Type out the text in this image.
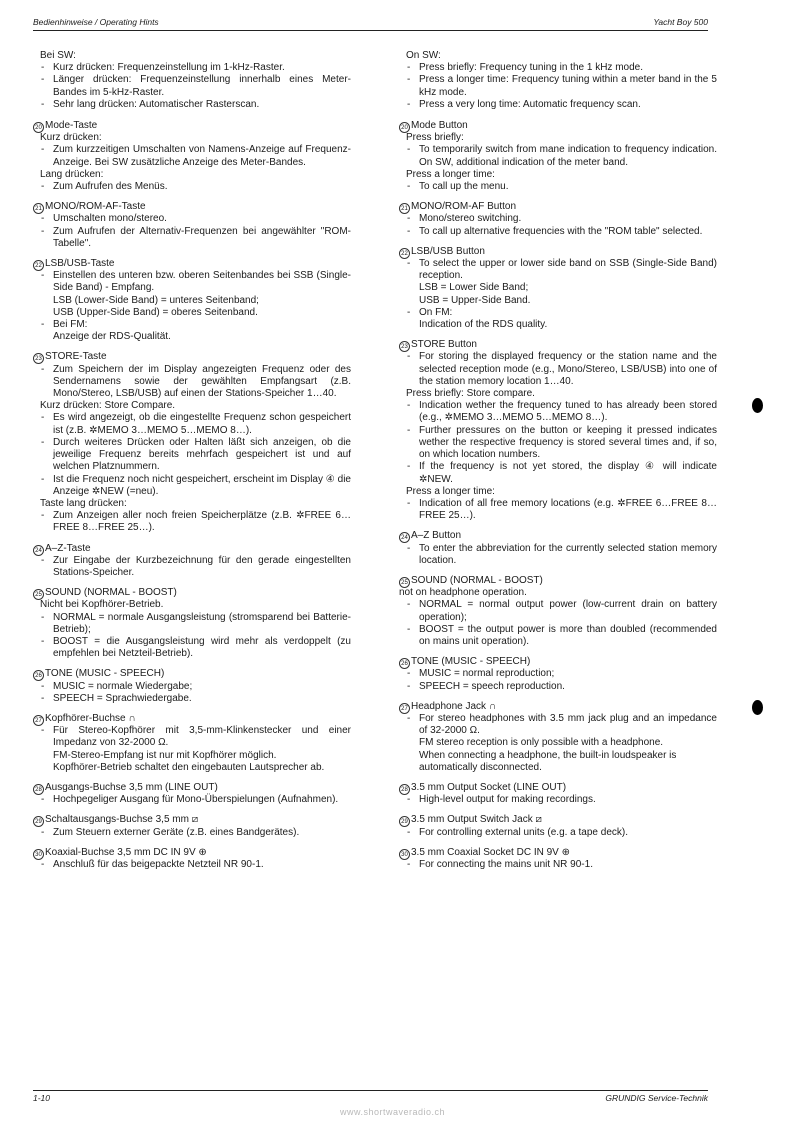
Bedienhinweise / Operating Hints	Yacht Boy 500

Bei SW:

- Kurz drücken: Frequenzeinstellung im 1-kHz-Raster.
- Länger drücken: Frequenzeinstellung innerhalb eines Meter-Bandes im 5-kHz-Raster.
- Sehr lang drücken: Automatischer Rasterscan.
20 Mode-Taste

Kurz drücken:

- Zum kurzzeitigen Umschalten von Namens-Anzeige auf Frequenz-Anzeige. Bei SW zusätzliche Anzeige des Meter-Bandes.

Lang drücken:

- Zum Aufrufen des Menüs.
21 MONO/ROM-AF-Taste
- Umschalten mono/stereo.
- Zum Aufrufen der Alternativ-Frequenzen bei angewählter "ROM-Tabelle".
22 LSB/USB-Taste
- Einstellen des unteren bzw. oberen Seitenbandes bei SSB (Single-Side Band) - Empfang.

LSB (Lower-Side Band) = unteres Seitenband;

USB (Upper-Side Band) = oberes Seitenband.

- Bei FM:

Anzeige der RDS-Qualität.

23 STORE-Taste
- Zum Speichern der im Display angezeigten Frequenz oder des Sendernamens sowie der gewählten Empfangsart (z.B. Mono/Stereo, LSB/USB) auf einen der Stations-Speicher 1…40.

Kurz drücken: Store Compare.

- Es wird angezeigt, ob die eingestellte Frequenz schon gespeichert ist (z.B. ✲MEMO 3…MEMO 5…MEMO 8…).
- Durch weiteres Drücken oder Halten läßt sich anzeigen, ob die jeweilige Frequenz bereits mehrfach gespeichert ist und auf welchen Platznummern.
- Ist die Frequenz noch nicht gespeichert, erscheint im Display ④ die Anzeige ✲NEW (=neu).

Taste lang drücken:

- Zum Anzeigen aller noch freien Speicherplätze (z.B. ✲FREE 6…FREE 8…FREE 25…).
24 A–Z-Taste
- Zur Eingabe der Kurzbezeichnung für den gerade eingestellten Stations-Speicher.
25 SOUND (NORMAL - BOOST)

Nicht bei Kopfhörer-Betrieb.

- NORMAL = normale Ausgangsleistung (stromsparend bei Batterie-Betrieb);
- BOOST = die Ausgangsleistung wird mehr als verdoppelt (zu empfehlen bei Netzteil-Betrieb).
26 TONE (MUSIC - SPEECH)
- MUSIC = normale Wiedergabe;
- SPEECH = Sprachwiedergabe.
27 Kopfhörer-Buchse ∩
- Für Stereo-Kopfhörer mit 3,5-mm-Klinkenstecker und einer Impedanz von 32-2000 Ω.

FM-Stereo-Empfang ist nur mit Kopfhörer möglich.

Kopfhörer-Betrieb schaltet den eingebauten Lautsprecher ab.

28 Ausgangs-Buchse 3,5 mm (LINE OUT)
- Hochpegeliger Ausgang für Mono-Überspielungen (Aufnahmen).
29 Schaltausgangs-Buchse 3,5 mm ⧄
- Zum Steuern externer Geräte (z.B. eines Bandgerätes).
30 Koaxial-Buchse 3,5 mm DC IN 9V ⊕
- Anschluß für das beigepackte Netzteil NR 90-1.

On SW:

- Press briefly: Frequency tuning in the 1 kHz mode.
- Press a longer time: Frequency tuning within a meter band in the 5 kHz mode.
- Press a very long time: Automatic frequency scan.
20 Mode Button

Press briefly:

- To temporarily switch from mane indication to frequency indication. On SW, additional indication of the meter band.

Press a longer time:

- To call up the menu.
21 MONO/ROM-AF Button
- Mono/stereo switching.
- To call up alternative frequencies with the "ROM table" selected.
22 LSB/USB Button
- To select the upper or lower side band on SSB (Single-Side Band) reception.

LSB = Lower Side Band;

USB = Upper-Side Band.

- On FM:

Indication of the RDS quality.

23 STORE Button
- For storing the displayed frequency or the station name and the selected reception mode (e.g., Mono/Stereo, LSB/USB) into one of the station memory location 1…40.

Press briefly: Store compare.

- Indication wether the frequency tuned to has already been stored (e.g., ✲MEMO 3…MEMO 5…MEMO 8…).
- Further pressures on the button or keeping it pressed indicates wether the respective frequency is stored several times and, if so, on which location numbers.
- If the frequency is not yet stored, the display ④ will indicate ✲NEW.

Press a longer time:

- Indication of all free memory locations (e.g. ✲FREE 6…FREE 8…FREE 25…).
24 A–Z Button
- To enter the abbreviation for the currently selected station memory location.
25 SOUND (NORMAL - BOOST)

not on headphone operation.

- NORMAL = normal output power (low-current drain on battery operation);
- BOOST = the output power is more than doubled (recommended on mains unit operation).
26 TONE (MUSIC - SPEECH)
- MUSIC = normal reproduction;
- SPEECH = speech reproduction.
27 Headphone Jack ∩
- For stereo headphones with 3.5 mm jack plug and an impedance of 32-2000 Ω.

FM stereo reception is only possible with a headphone.

When connecting a headphone, the built-in loudspeaker is automatically disconnected.

28 3.5 mm Output Socket (LINE OUT)
- High-level output for making recordings.
29 3.5 mm Output Switch Jack ⧄
- For controlling external units (e.g. a tape deck).
30 3.5 mm Coaxial Socket DC IN 9V ⊕
- For connecting the mains unit NR 90-1.
1-10	GRUNDIG Service-Technik
www.shortwaveradio.ch
